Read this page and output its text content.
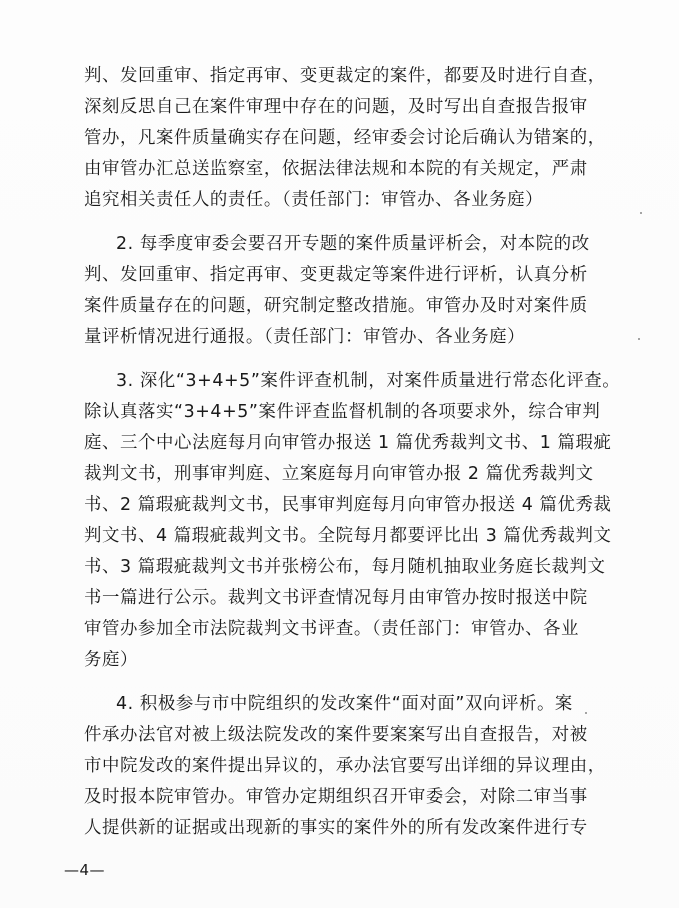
判、发回重审、指定再审、变更裁定的案件，都要及时进行自查，
深刻反思自己在案件审理中存在的问题，及时写出自查报告报审
管办，凡案件质量确实存在问题，经审委会讨论后确认为错案的，
由审管办汇总送监察室，依据法律法规和本院的有关规定，严肃
追究相关责任人的责任。（责任部门：审管办、各业务庭）
2. 每季度审委会要召开专题的案件质量评析会，对本院的改
判、发回重审、指定再审、变更裁定等案件进行评析，认真分析
案件质量存在的问题，研究制定整改措施。审管办及时对案件质
量评析情况进行通报。（责任部门：审管办、各业务庭）
3. 深化“3+4+5”案件评查机制，对案件质量进行常态化评查。
除认真落实“3+4+5”案件评查监督机制的各项要求外，综合审判
庭、三个中心法庭每月向审管办报送 1 篇优秀裁判文书、1 篇瑕疵
裁判文书，刑事审判庭、立案庭每月向审管办报 2 篇优秀裁判文
书、2 篇瑕疵裁判文书，民事审判庭每月向审管办报送 4 篇优秀裁
判文书、4 篇瑕疵裁判文书。全院每月都要评比出 3 篇优秀裁判文
书、3 篇瑕疵裁判文书并张榜公布，每月随机抽取业务庭长裁判文
书一篇进行公示。裁判文书评查情况每月由审管办按时报送中院
审管办参加全市法院裁判文书评查。（责任部门：审管办、各业
务庭）
4. 积极参与市中院组织的发改案件“面对面”双向评析。案
件承办法官对被上级法院发改的案件要案案写出自查报告，对被
市中院发改的案件提出异议的，承办法官要写出详细的异议理由，
及时报本院审管办。审管办定期组织召开审委会，对除二审当事
人提供新的证据或出现新的事实的案件外的所有发改案件进行专
—4—
